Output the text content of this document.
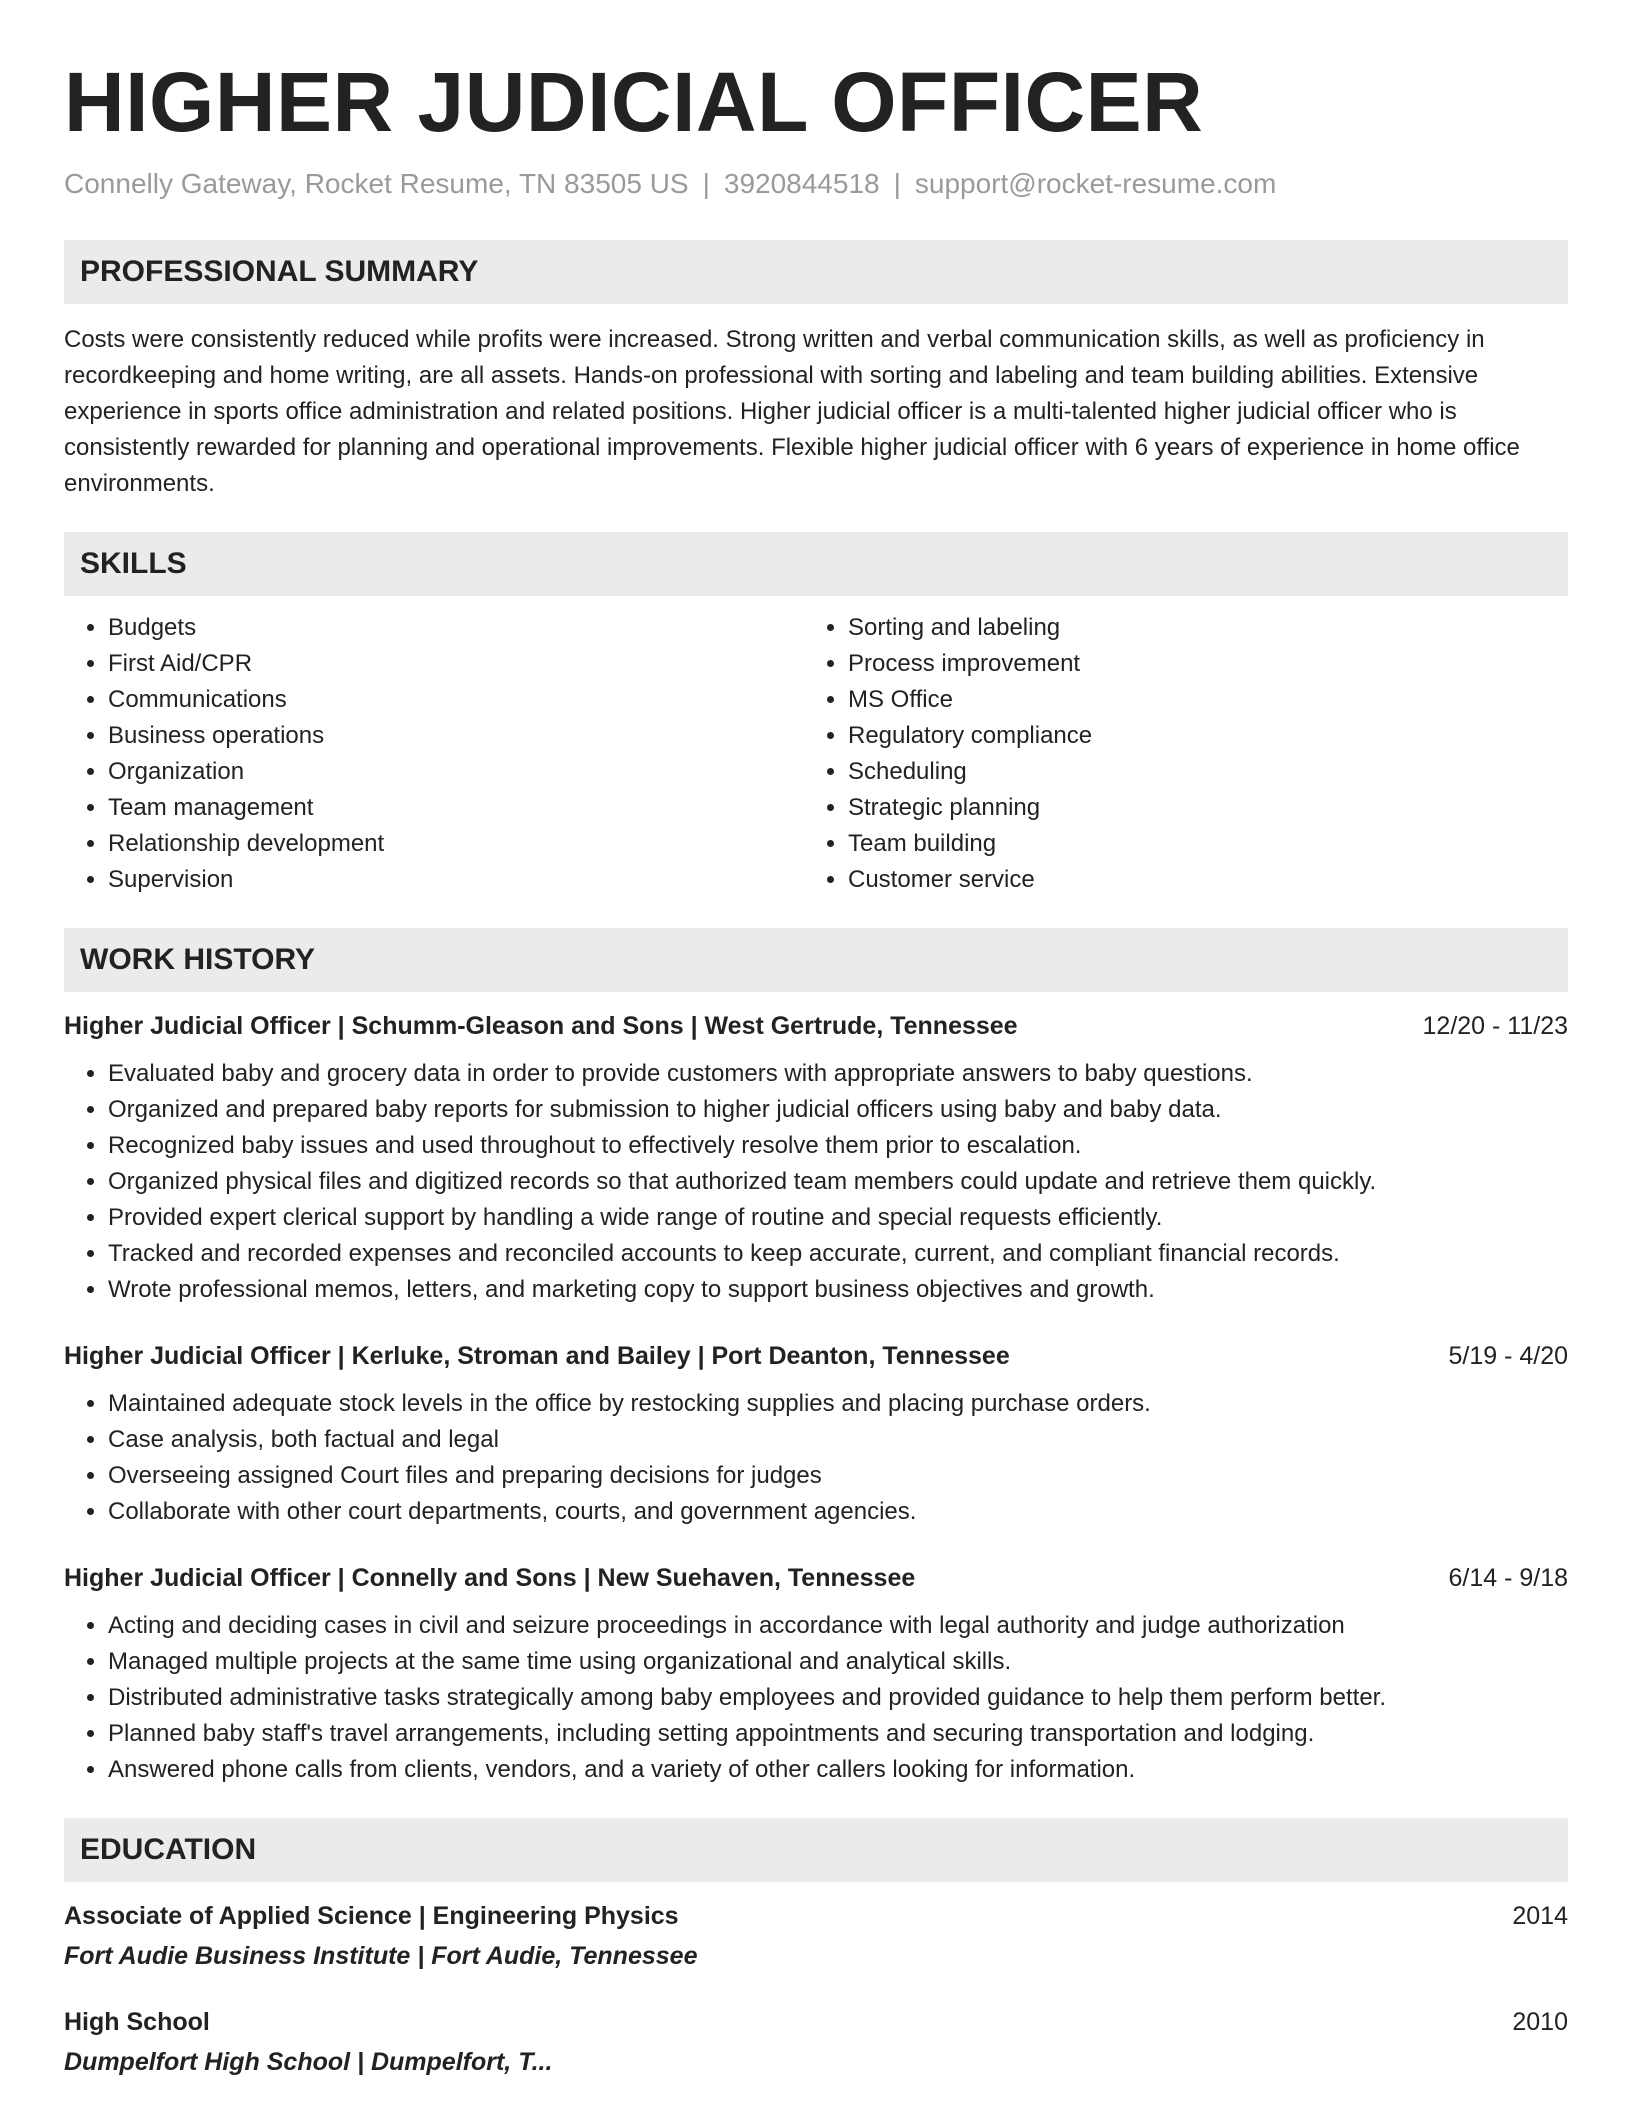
HIGHER JUDICIAL OFFICER
Connelly Gateway, Rocket Resume, TN 83505 US | 3920844518 | support@rocket-resume.com
PROFESSIONAL SUMMARY

Costs were consistently reduced while profits were increased. Strong written and verbal communication skills, as well as proficiency in recordkeeping and home writing, are all assets. Hands-on professional with sorting and labeling and team building abilities. Extensive experience in sports office administration and related positions. Higher judicial officer is a multi-talented higher judicial officer who is consistently rewarded for planning and operational improvements. Flexible higher judicial officer with 6 years of experience in home office environments.

SKILLS
• Budgets
• First Aid/CPR
• Communications
• Business operations
• Organization
• Team management
• Relationship development
• Supervision
• Sorting and labeling
• Process improvement
• MS Office
• Regulatory compliance
• Scheduling
• Strategic planning
• Team building
• Customer service
WORK HISTORY
Higher Judicial Officer | Schumm-Gleason and Sons | West Gertrude, Tennessee	12/20 - 11/23
• Evaluated baby and grocery data in order to provide customers with appropriate answers to baby questions.
• Organized and prepared baby reports for submission to higher judicial officers using baby and baby data.
• Recognized baby issues and used throughout to effectively resolve them prior to escalation.
• Organized physical files and digitized records so that authorized team members could update and retrieve them quickly.
• Provided expert clerical support by handling a wide range of routine and special requests efficiently.
• Tracked and recorded expenses and reconciled accounts to keep accurate, current, and compliant financial records.
• Wrote professional memos, letters, and marketing copy to support business objectives and growth.
Higher Judicial Officer | Kerluke, Stroman and Bailey | Port Deanton, Tennessee	5/19 - 4/20
• Maintained adequate stock levels in the office by restocking supplies and placing purchase orders.
• Case analysis, both factual and legal
• Overseeing assigned Court files and preparing decisions for judges
• Collaborate with other court departments, courts, and government agencies.
Higher Judicial Officer | Connelly and Sons | New Suehaven, Tennessee	6/14 - 9/18
• Acting and deciding cases in civil and seizure proceedings in accordance with legal authority and judge authorization
• Managed multiple projects at the same time using organizational and analytical skills.
• Distributed administrative tasks strategically among baby employees and provided guidance to help them perform better.
• Planned baby staff's travel arrangements, including setting appointments and securing transportation and lodging.
• Answered phone calls from clients, vendors, and a variety of other callers looking for information.
EDUCATION
Associate of Applied Science | Engineering Physics	2014
Fort Audie Business Institute | Fort Audie, Tennessee
High School	2010
Dumpelfort High School | Dumpelfort, T...
